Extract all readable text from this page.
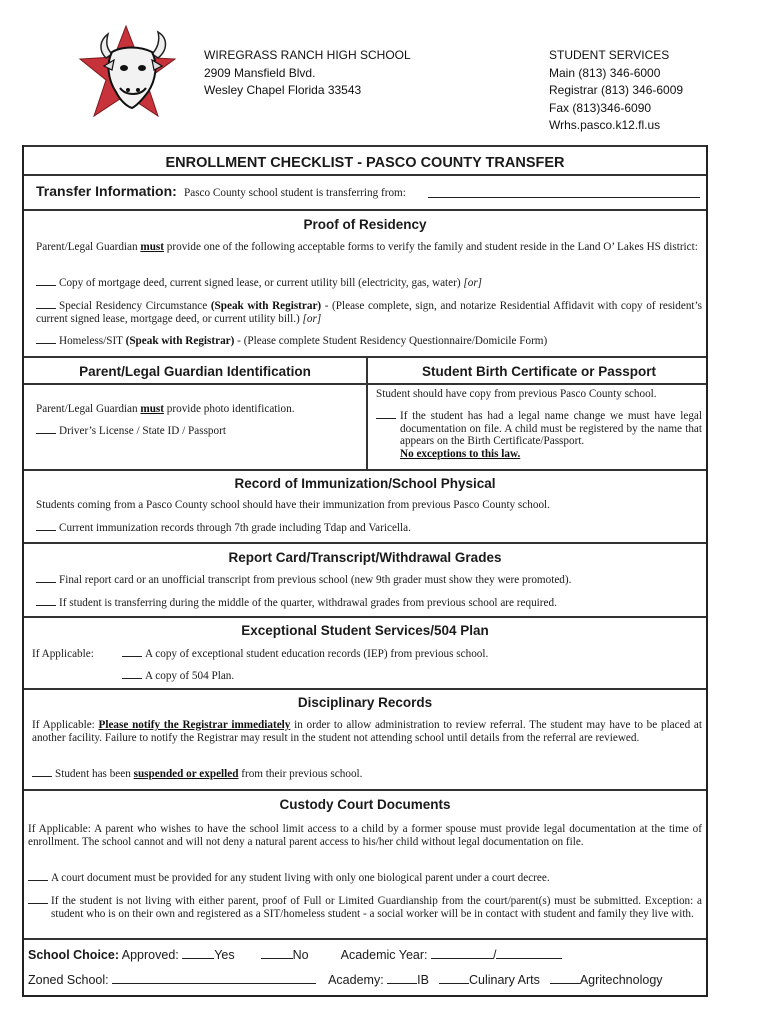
WIREGRASS RANCH HIGH SCHOOL
2909 Mansfield Blvd.
Wesley Chapel Florida 33543
STUDENT SERVICES
Main (813) 346-6000
Registrar (813) 346-6009
Fax (813)346-6090
Wrhs.pasco.k12.fl.us
ENROLLMENT CHECKLIST - PASCO COUNTY TRANSFER
Transfer Information: Pasco County school student is transferring from:
Proof of Residency
Parent/Legal Guardian must provide one of the following acceptable forms to verify the family and student reside in the Land O’ Lakes HS district:
Copy of mortgage deed, current signed lease, or current utility bill (electricity, gas, water) [or]
Special Residency Circumstance (Speak with Registrar) - (Please complete, sign, and notarize Residential Affidavit with copy of resident’s current signed lease, mortgage deed, or current utility bill.) [or]
Homeless/SIT (Speak with Registrar) - (Please complete Student Residency Questionnaire/Domicile Form)
Parent/Legal Guardian Identification
Parent/Legal Guardian must provide photo identification.
Driver’s License / State ID / Passport
Student Birth Certificate or Passport
Student should have copy from previous Pasco County school.
If the student has had a legal name change we must have legal documentation on file. A child must be registered by the name that appears on the Birth Certificate/Passport.
No exceptions to this law.
Record of Immunization/School Physical
Students coming from a Pasco County school should have their immunization from previous Pasco County school.
Current immunization records through 7th grade including Tdap and Varicella.
Report Card/Transcript/Withdrawal Grades
Final report card or an unofficial transcript from previous school (new 9th grader must show they were promoted).
If student is transferring during the middle of the quarter, withdrawal grades from previous school are required.
Exceptional Student Services/504 Plan
If Applicable:	A copy of exceptional student education records (IEP) from previous school.
A copy of 504 Plan.
Disciplinary Records
If Applicable: Please notify the Registrar immediately in order to allow administration to review referral. The student may have to be placed at another facility. Failure to notify the Registrar may result in the student not attending school until details from the referral are reviewed.
Student has been suspended or expelled from their previous school.
Custody Court Documents
If Applicable: A parent who wishes to have the school limit access to a child by a former spouse must provide legal documentation at the time of enrollment. The school cannot and will not deny a natural parent access to his/her child without legal documentation on file.
A court document must be provided for any student living with only one biological parent under a court decree.
If the student is not living with either parent, proof of Full or Limited Guardianship from the court/parent(s) must be submitted. Exception: a student who is on their own and registered as a SIT/homeless student - a social worker will be in contact with student and family they live with.
School Choice: Approved:	Yes	No	Academic Year:	/
Zoned School:	Academy: IB	Culinary Arts	Agritechnology
